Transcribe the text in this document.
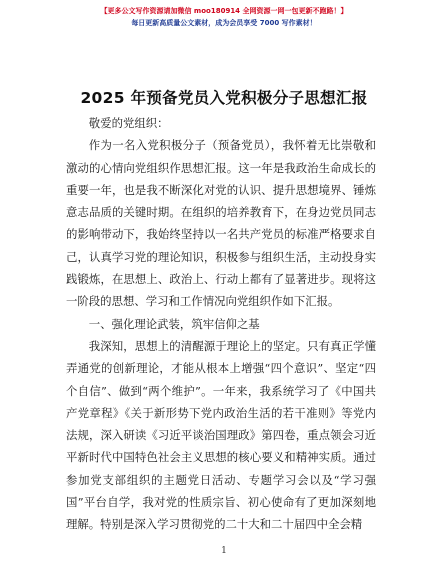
【更多公文写作资源请加微信 moo180914 全网资源一网一包更新不跑路！】
每日更新高质量公文素材，成为会员享受 7000 写作素材！
2025 年预备党员入党积极分子思想汇报

敬爱的党组织：

作为一名入党积极分子（预备党员），我怀着无比崇敬和激动的心情向党组织作思想汇报。这一年是我政治生命成长的重要一年，也是我不断深化对党的认识、提升思想境界、锤炼意志品质的关键时期。在组织的培养教育下，在身边党员同志的影响带动下，我始终坚持以一名共产党员的标准严格要求自己，认真学习党的理论知识，积极参与组织生活，主动投身实践锻炼，在思想上、政治上、行动上都有了显著进步。现将这一阶段的思想、学习和工作情况向党组织作如下汇报。

一、强化理论武装，筑牢信仰之基

我深知，思想上的清醒源于理论上的坚定。只有真正学懂弄通党的创新理论，才能从根本上增强“四个意识”、坚定“四个自信”、做到“两个维护”。一年来，我系统学习了《中国共产党章程》《关于新形势下党内政治生活的若干准则》等党内法规，深入研读《习近平谈治国理政》第四卷，重点领会习近平新时代中国特色社会主义思想的核心要义和精神实质。通过参加党支部组织的主题党日活动、专题学习会以及“学习强国”平台自学，我对党的性质宗旨、初心使命有了更加深刻地理解。特别是深入学习贯彻党的二十大和二十届四中全会精

1
